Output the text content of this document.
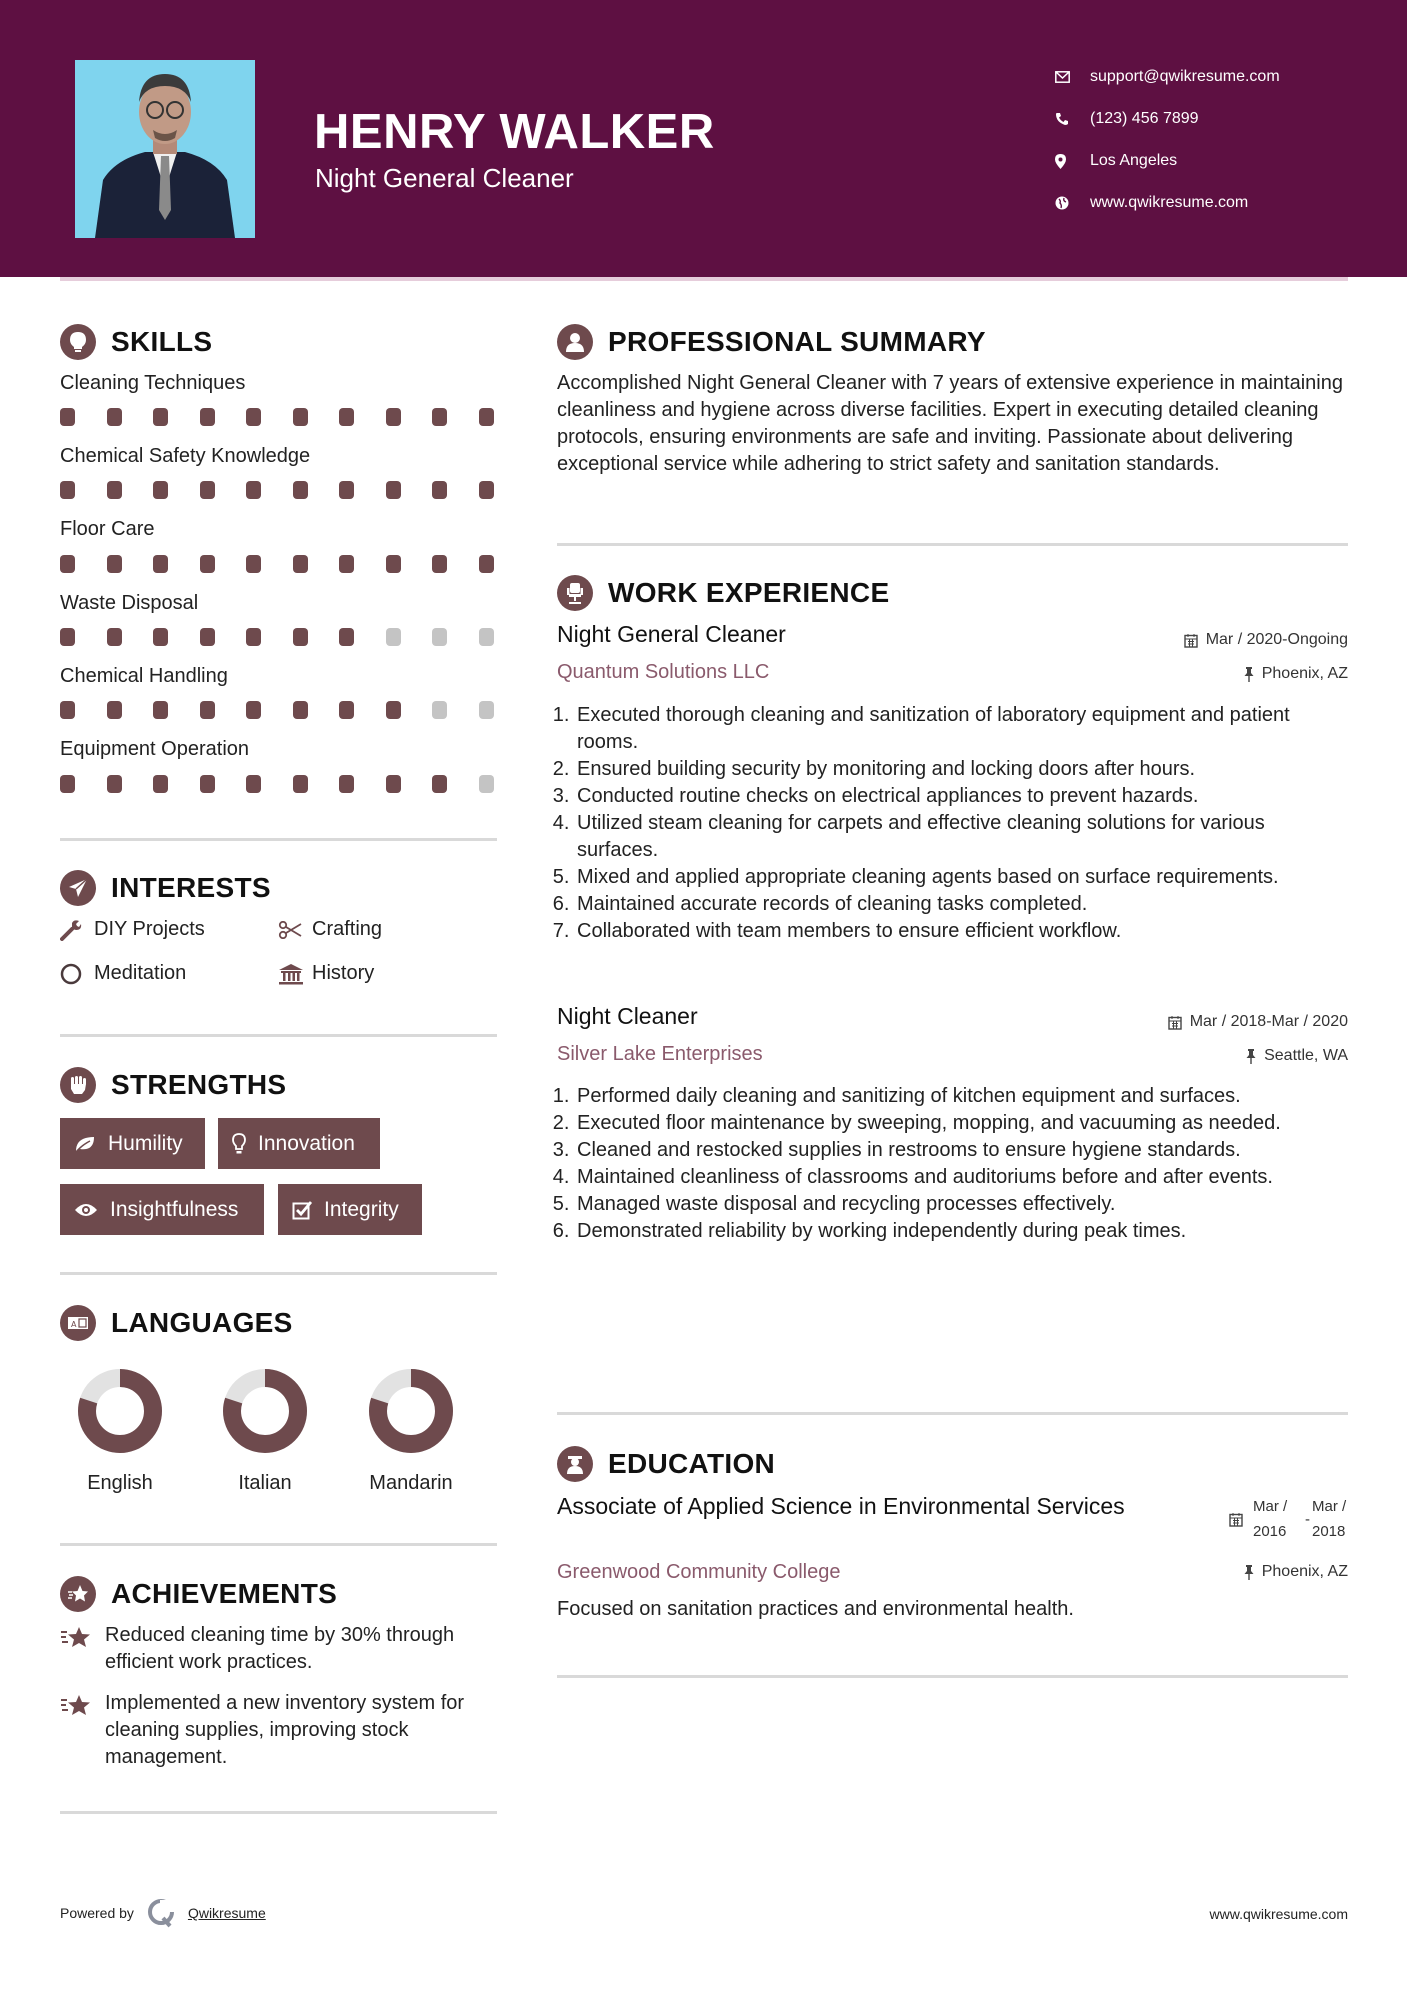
HENRY WALKER
Night General Cleaner
support@qwikresume.com
(123) 456 7899
Los Angeles
www.qwikresume.com
SKILLS
Cleaning Techniques
Chemical Safety Knowledge
Floor Care
Waste Disposal
Chemical Handling
Equipment Operation
INTERESTS
DIY Projects	Crafting
Meditation	History
STRENGTHS
Humility	Innovation
Insightfulness	Integrity
A LANGUAGES
English	Italian	Mandarin
ACHIEVEMENTS
Reduced cleaning time by 30% through efficient work practices.
Implemented a new inventory system for cleaning supplies, improving stock management.
PROFESSIONAL SUMMARY
Accomplished Night General Cleaner with 7 years of extensive experience in maintaining cleanliness and hygiene across diverse facilities. Expert in executing detailed cleaning protocols, ensuring environments are safe and inviting. Passionate about delivering exceptional service while adhering to strict safety and sanitation standards.
WORK EXPERIENCE
Night General Cleaner	Mar / 2020-Ongoing
Quantum Solutions LLC	Phoenix, AZ
1. Executed thorough cleaning and sanitization of laboratory equipment and patient rooms.
2. Ensured building security by monitoring and locking doors after hours.
3. Conducted routine checks on electrical appliances to prevent hazards.
4. Utilized steam cleaning for carpets and effective cleaning solutions for various surfaces.
5. Mixed and applied appropriate cleaning agents based on surface requirements.
6. Maintained accurate records of cleaning tasks completed.
7. Collaborated with team members to ensure efficient workflow.
Night Cleaner	Mar / 2018-Mar / 2020
Silver Lake Enterprises	Seattle, WA
1. Performed daily cleaning and sanitizing of kitchen equipment and surfaces.
2. Executed floor maintenance by sweeping, mopping, and vacuuming as needed.
3. Cleaned and restocked supplies in restrooms to ensure hygiene standards.
4. Maintained cleanliness of classrooms and auditoriums before and after events.
5. Managed waste disposal and recycling processes effectively.
6. Demonstrated reliability by working independently during peak times.
EDUCATION
Associate of Applied Science in Environmental Services	Mar /
2016
-
Mar /
2018
Greenwood Community College	Phoenix, AZ
Focused on sanitation practices and environmental health.
Powered by	Qwikresume	www.qwikresume.com
